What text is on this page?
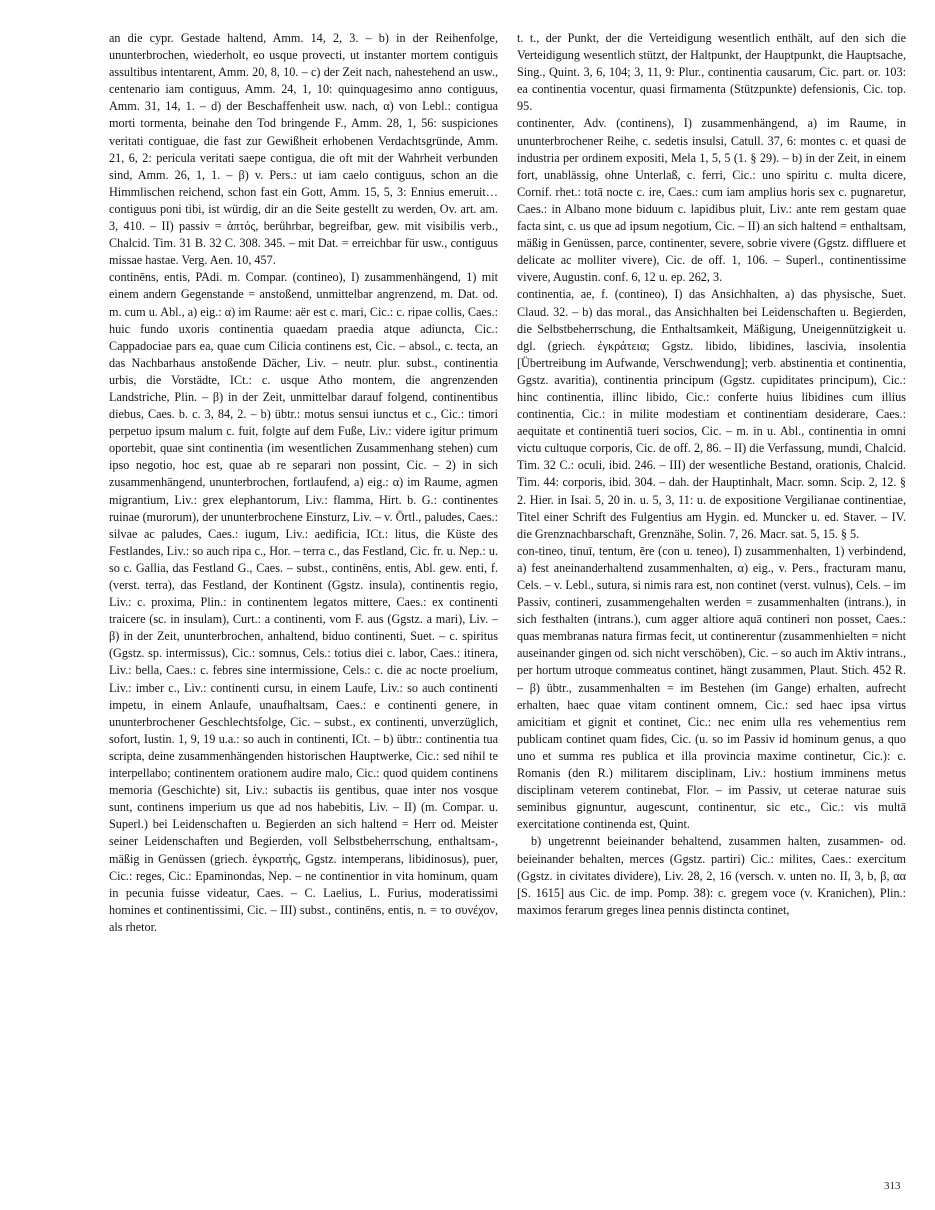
an die cypr. Gestade haltend, Amm. 14, 2, 3. – b) in der Reihenfolge, ununterbrochen, wiederholt, eo usque provecti, ut instanter mortem contiguis assultibus intentarent, Amm. 20, 8, 10. – c) der Zeit nach, nahestehend an usw., centenario iam contiguus, Amm. 24, 1, 10: quinquagesimo anno contiguus, Amm. 31, 14, 1. – d) der Beschaffenheit usw. nach, α) von Lebl.: contigua morti tormenta, beinahe den Tod bringende F., Amm. 28, 1, 56: suspiciones veritati contiguae, die fast zur Gewißheit erhobenen Verdachtsgründe, Amm. 21, 6, 2: pericula veritati saepe contigua, die oft mit der Wahrheit verbunden sind, Amm. 26, 1, 1. – β) v. Pers.: ut iam caelo contiguus, schon an die Himmlischen reichend, schon fast ein Gott, Amm. 15, 5, 3: Ennius emeruit… contiguus poni tibi, ist würdig, dir an die Seite gestellt zu werden, Ov. art. am. 3, 410. – II) passiv = ἁπτός, berührbar, begreifbar, gew. mit visibilis verb., Chalcid. Tim. 31 B. 32 C. 308. 345. – mit Dat. = erreichbar für usw., contiguus missae hastae. Verg. Aen. 10, 457.

continēns, entis, PAdi. m. Compar. (contineo), I) zusammenhängend, 1) mit einem andern Gegenstande = anstoßend, unmittelbar angrenzend, m. Dat. od. m. cum u. Abl., a) eig.: α) im Raume: aër est c. mari, Cic.: c. ripae collis, Caes.: huic fundo uxoris continentia quaedam praedia atque adiuncta, Cic.: Cappadociae pars ea, quae cum Cilicia continens est, Cic. – absol., c. tecta, an das Nachbarhaus anstoßende Dächer, Liv. – neutr. plur. subst., continentia urbis, die Vorstädte, ICt.: c. usque Atho montem, die angrenzenden Landstriche, Plin. – β) in der Zeit, unmittelbar darauf folgend, continentibus diebus, Caes. b. c. 3, 84, 2. – b) übtr.: motus sensui iunctus et c., Cic.: timori perpetuo ipsum malum c. fuit, folgte auf dem Fuße, Liv.: videre igitur primum oportebit, quae sint continentia (im wesentlichen Zusammenhang stehen) cum ipso negotio, hoc est, quae ab re separari non possint, Cic. – 2) in sich zusammenhängend, ununterbrochen, fortlaufend, a) eig.: α) im Raume, agmen migrantium, Liv.: grex elephantorum, Liv.: flamma, Hirt. b. G.: continentes ruinae (murorum), der ununterbrochene Einsturz, Liv. – v. Örtl., paludes, Caes.: silvae ac paludes, Caes.: iugum, Liv.: aedificia, ICt.: litus, die Küste des Festlandes, Liv.: so auch ripa c., Hor. – terra c., das Festland, Cic. fr. u. Nep.: u. so c. Gallia, das Festland G., Caes. – subst., continēns, entis, Abl. gew. enti, f. (verst. terra), das Festland, der Kontinent (Ggstz. insula), continentis regio, Liv.: c. proxima, Plin.: in continentem legatos mittere, Caes.: ex continenti traicere (sc. in insulam), Curt.: a continenti, vom F. aus (Ggstz. a mari), Liv. – β) in der Zeit, ununterbrochen, anhaltend, biduo continenti, Suet. – c. spiritus (Ggstz. sp. intermissus), Cic.: somnus, Cels.: totius diei c. labor, Caes.: itinera, Liv.: bella, Caes.: c. febres sine intermissione, Cels.: c. die ac nocte proelium, Liv.: imber c., Liv.: continenti cursu, in einem Laufe, Liv.: so auch continenti impetu, in einem Anlaufe, unaufhaltsam, Caes.: e continenti genere, in ununterbrochener Geschlechtsfolge, Cic. – subst., ex continenti, unverzüglich, sofort, Iustin. 1, 9, 19 u.a.: so auch in continenti, ICt. – b) übtr.: continentia tua scripta, deine zusammenhängenden historischen Hauptwerke, Cic.: sed nihil te interpellabo; continentem orationem audire malo, Cic.: quod quidem continens memoria (Geschichte) sit, Liv.: subactis iis gentibus, quae inter nos vosque sunt, continens imperium us que ad nos habebitis, Liv. – II) (m. Compar. u. Superl.) bei Leidenschaften u. Begierden an sich haltend = Herr od. Meister seiner Leidenschaften und Begierden, voll Selbstbeherrschung, enthaltsam-, mäßig in Genüssen (griech. ἐγκρατής, Ggstz. intemperans, libidinosus), puer, Cic.: reges, Cic.: Epaminondas, Nep. – ne continentior in vita hominum, quam in pecunia fuisse videatur, Caes. – C. Laelius, L. Furius, moderatissimi homines et continentissimi, Cic. – III) subst., continēns, entis, n. = το συνέχον, als rhetor.

t. t., der Punkt, der die Verteidigung wesentlich enthält, auf den sich die Verteidigung wesentlich stützt, der Haltpunkt, der Hauptpunkt, die Hauptsache, Sing., Quint. 3, 6, 104; 3, 11, 9: Plur., continentia causarum, Cic. part. or. 103: ea continentia vocentur, quasi firmamenta (Stützpunkte) defensionis, Cic. top. 95.

continenter, Adv. (continens), I) zusammenhängend, a) im Raume, in ununterbrochener Reihe, c. sedetis insulsi, Catull. 37, 6: montes c. et quasi de industria per ordinem expositi, Mela 1, 5, 5 (1. § 29). – b) in der Zeit, in einem fort, unablässig, ohne Unterlaß, c. ferri, Cic.: uno spiritu c. multa dicere, Cornif. rhet.: totā nocte c. ire, Caes.: cum iam amplius horis sex c. pugnaretur, Caes.: in Albano mone biduum c. lapidibus pluit, Liv.: ante rem gestam quae facta sint, c. us que ad ipsum negotium, Cic. – II) an sich haltend = enthaltsam, mäßig in Genüssen, parce, continenter, severe, sobrie vivere (Ggstz. diffluere et delicate ac molliter vivere), Cic. de off. 1, 106. – Superl., continentissime vivere, Augustin. conf. 6, 12 u. ep. 262, 3.

continentia, ae, f. (contineo), I) das Ansichhalten, a) das physische, Suet. Claud. 32. – b) das moral., das Ansichhalten bei Leidenschaften u. Begierden, die Selbstbeherrschung, die Enthaltsamkeit, Mäßigung, Uneigennützigkeit u. dgl. (griech. ἐγκράτεια; Ggstz. libido, libidines, lascivia, insolentia [Übertreibung im Aufwande, Verschwendung]; verb. abstinentia et continentia, Ggstz. avaritia), continentia principum (Ggstz. cupiditates principum), Cic.: hinc continentia, illinc libido, Cic.: conferte huius libidines cum illius continentia, Cic.: in milite modestiam et continentiam desiderare, Caes.: aequitate et continentiā tueri socios, Cic. – m. in u. Abl., continentia in omni victu cultuque corporis, Cic. de off. 2, 86. – II) die Verfassung, mundi, Chalcid. Tim. 32 C.: oculi, ibid. 246. – III) der wesentliche Bestand, orationis, Chalcid. Tim. 44: corporis, ibid. 304. – dah. der Hauptinhalt, Macr. somn. Scip. 2, 12. § 2. Hier. in Isai. 5, 20 in. u. 5, 3, 11: u. de expositione Vergilianae continentiae, Titel einer Schrift des Fulgentius am Hygin. ed. Muncker u. ed. Staver. – IV. die Grenznachbarschaft, Grenznähe, Solin. 7, 26. Macr. sat. 5, 15. § 5.

con-tineo, tinuī, tentum, ēre (con u. teneo), I) zusammenhalten, 1) verbindend, a) fest aneinanderhaltend zusammenhalten, α) eig., v. Pers., fracturam manu, Cels. – v. Lebl., sutura, si nimis rara est, non continet (verst. vulnus), Cels. – im Passiv, contineri, zusammengehalten werden = zusammenhalten (intrans.), in sich festhalten (intrans.), cum agger altiore aquā contineri non posset, Caes.: quas membranas natura firmas fecit, ut continerentur (zusammenhielten = nicht auseinander gingen od. sich nicht verschöben), Cic. – so auch im Aktiv intrans., per hortum utroque commeatus continet, hängt zusammen, Plaut. Stich. 452 R. – β) übtr., zusammenhalten = im Bestehen (im Gange) erhalten, aufrecht erhalten, haec quae vitam continent omnem, Cic.: sed haec ipsa virtus amicitiam et gignit et continet, Cic.: nec enim ulla res vehementius rem publicam continet quam fides, Cic. (u. so im Passiv id hominum genus, a quo uno et summa res publica et illa provincia maxime continetur, Cic.): c. Romanis (den R.) militarem disciplinam, Liv.: hostium imminens metus disciplinam veterem continebat, Flor. – im Passiv, ut ceterae naturae suis seminibus gignuntur, augescunt, continentur, sic etc., Cic.: vis multā exercitatione continenda est, Quint.

b) ungetrennt beieinander behaltend, zusammen halten, zusammen- od. beieinander behalten, merces (Ggstz. partiri) Cic.: milites, Caes.: exercitum (Ggstz. in civitates dividere), Liv. 28, 2, 16 (versch. v. unten no. II, 3, b, β, αα [S. 1615] aus Cic. de imp. Pomp. 38): c. gregem voce (v. Kranichen), Plin.: maximos ferarum greges linea pennis distincta continet,

313
